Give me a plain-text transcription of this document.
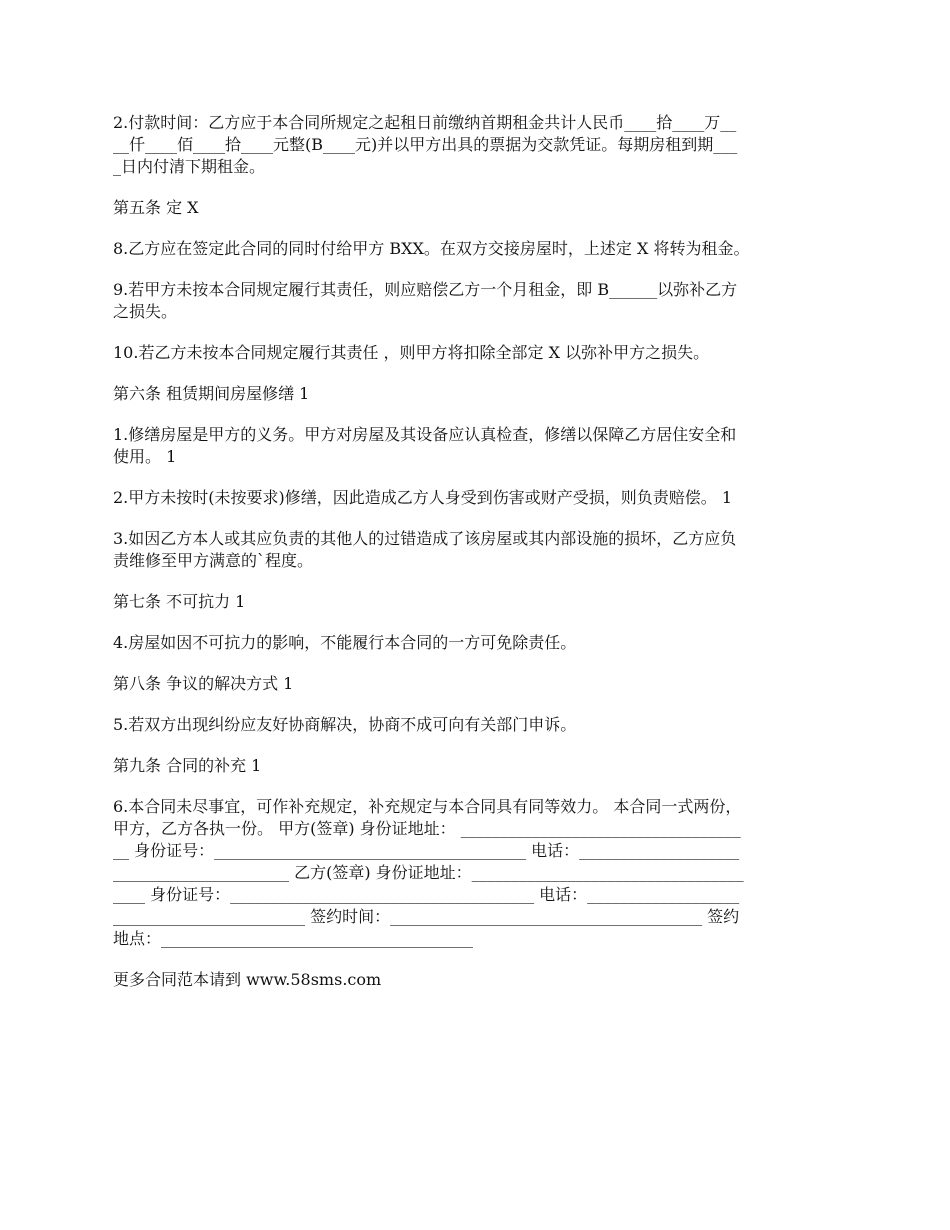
2.付款时间：乙方应于本合同所规定之起租日前缴纳首期租金共计人民币____拾____万__
__仟____佰____拾____元整(B____元)并以甲方出具的票据为交款凭证。每期房租到期___
_日内付清下期租金。
第五条 定 X
8.乙方应在签定此合同的同时付给甲方 BXX。在双方交接房屋时，上述定 X 将转为租金。
9.若甲方未按本合同规定履行其责任，则应赔偿乙方一个月租金，即 B______以弥补乙方
之损失。
10.若乙方未按本合同规定履行其责任 ，则甲方将扣除全部定 X 以弥补甲方之损失。
第六条 租赁期间房屋修缮 1
1.修缮房屋是甲方的义务。甲方对房屋及其设备应认真检查，修缮以保障乙方居住安全和
使用。 1
2.甲方未按时(未按要求)修缮，因此造成乙方人身受到伤害或财产受损，则负责赔偿。 1
3.如因乙方本人或其应负责的其他人的过错造成了该房屋或其内部设施的损坏，乙方应负
责维修至甲方满意的`程度。
第七条 不可抗力 1
4.房屋如因不可抗力的影响，不能履行本合同的一方可免除责任。
第八条 争议的解决方式 1
5.若双方出现纠纷应友好协商解决，协商不成可向有关部门申诉。
第九条 合同的补充 1
6.本合同未尽事宜，可作补充规定，补充规定与本合同具有同等效力。 本合同一式两份，
甲方，乙方各执一份。 甲方(签章) 身份证地址： ___________________________________
__ 身份证号：_______________________________________ 电话：____________________
______________________ 乙方(签章) 身份证地址：__________________________________
____ 身份证号：______________________________________ 电话：___________________
________________________ 签约时间：_______________________________________ 签约
地点：_______________________________________
更多合同范本请到 www.58sms.com
